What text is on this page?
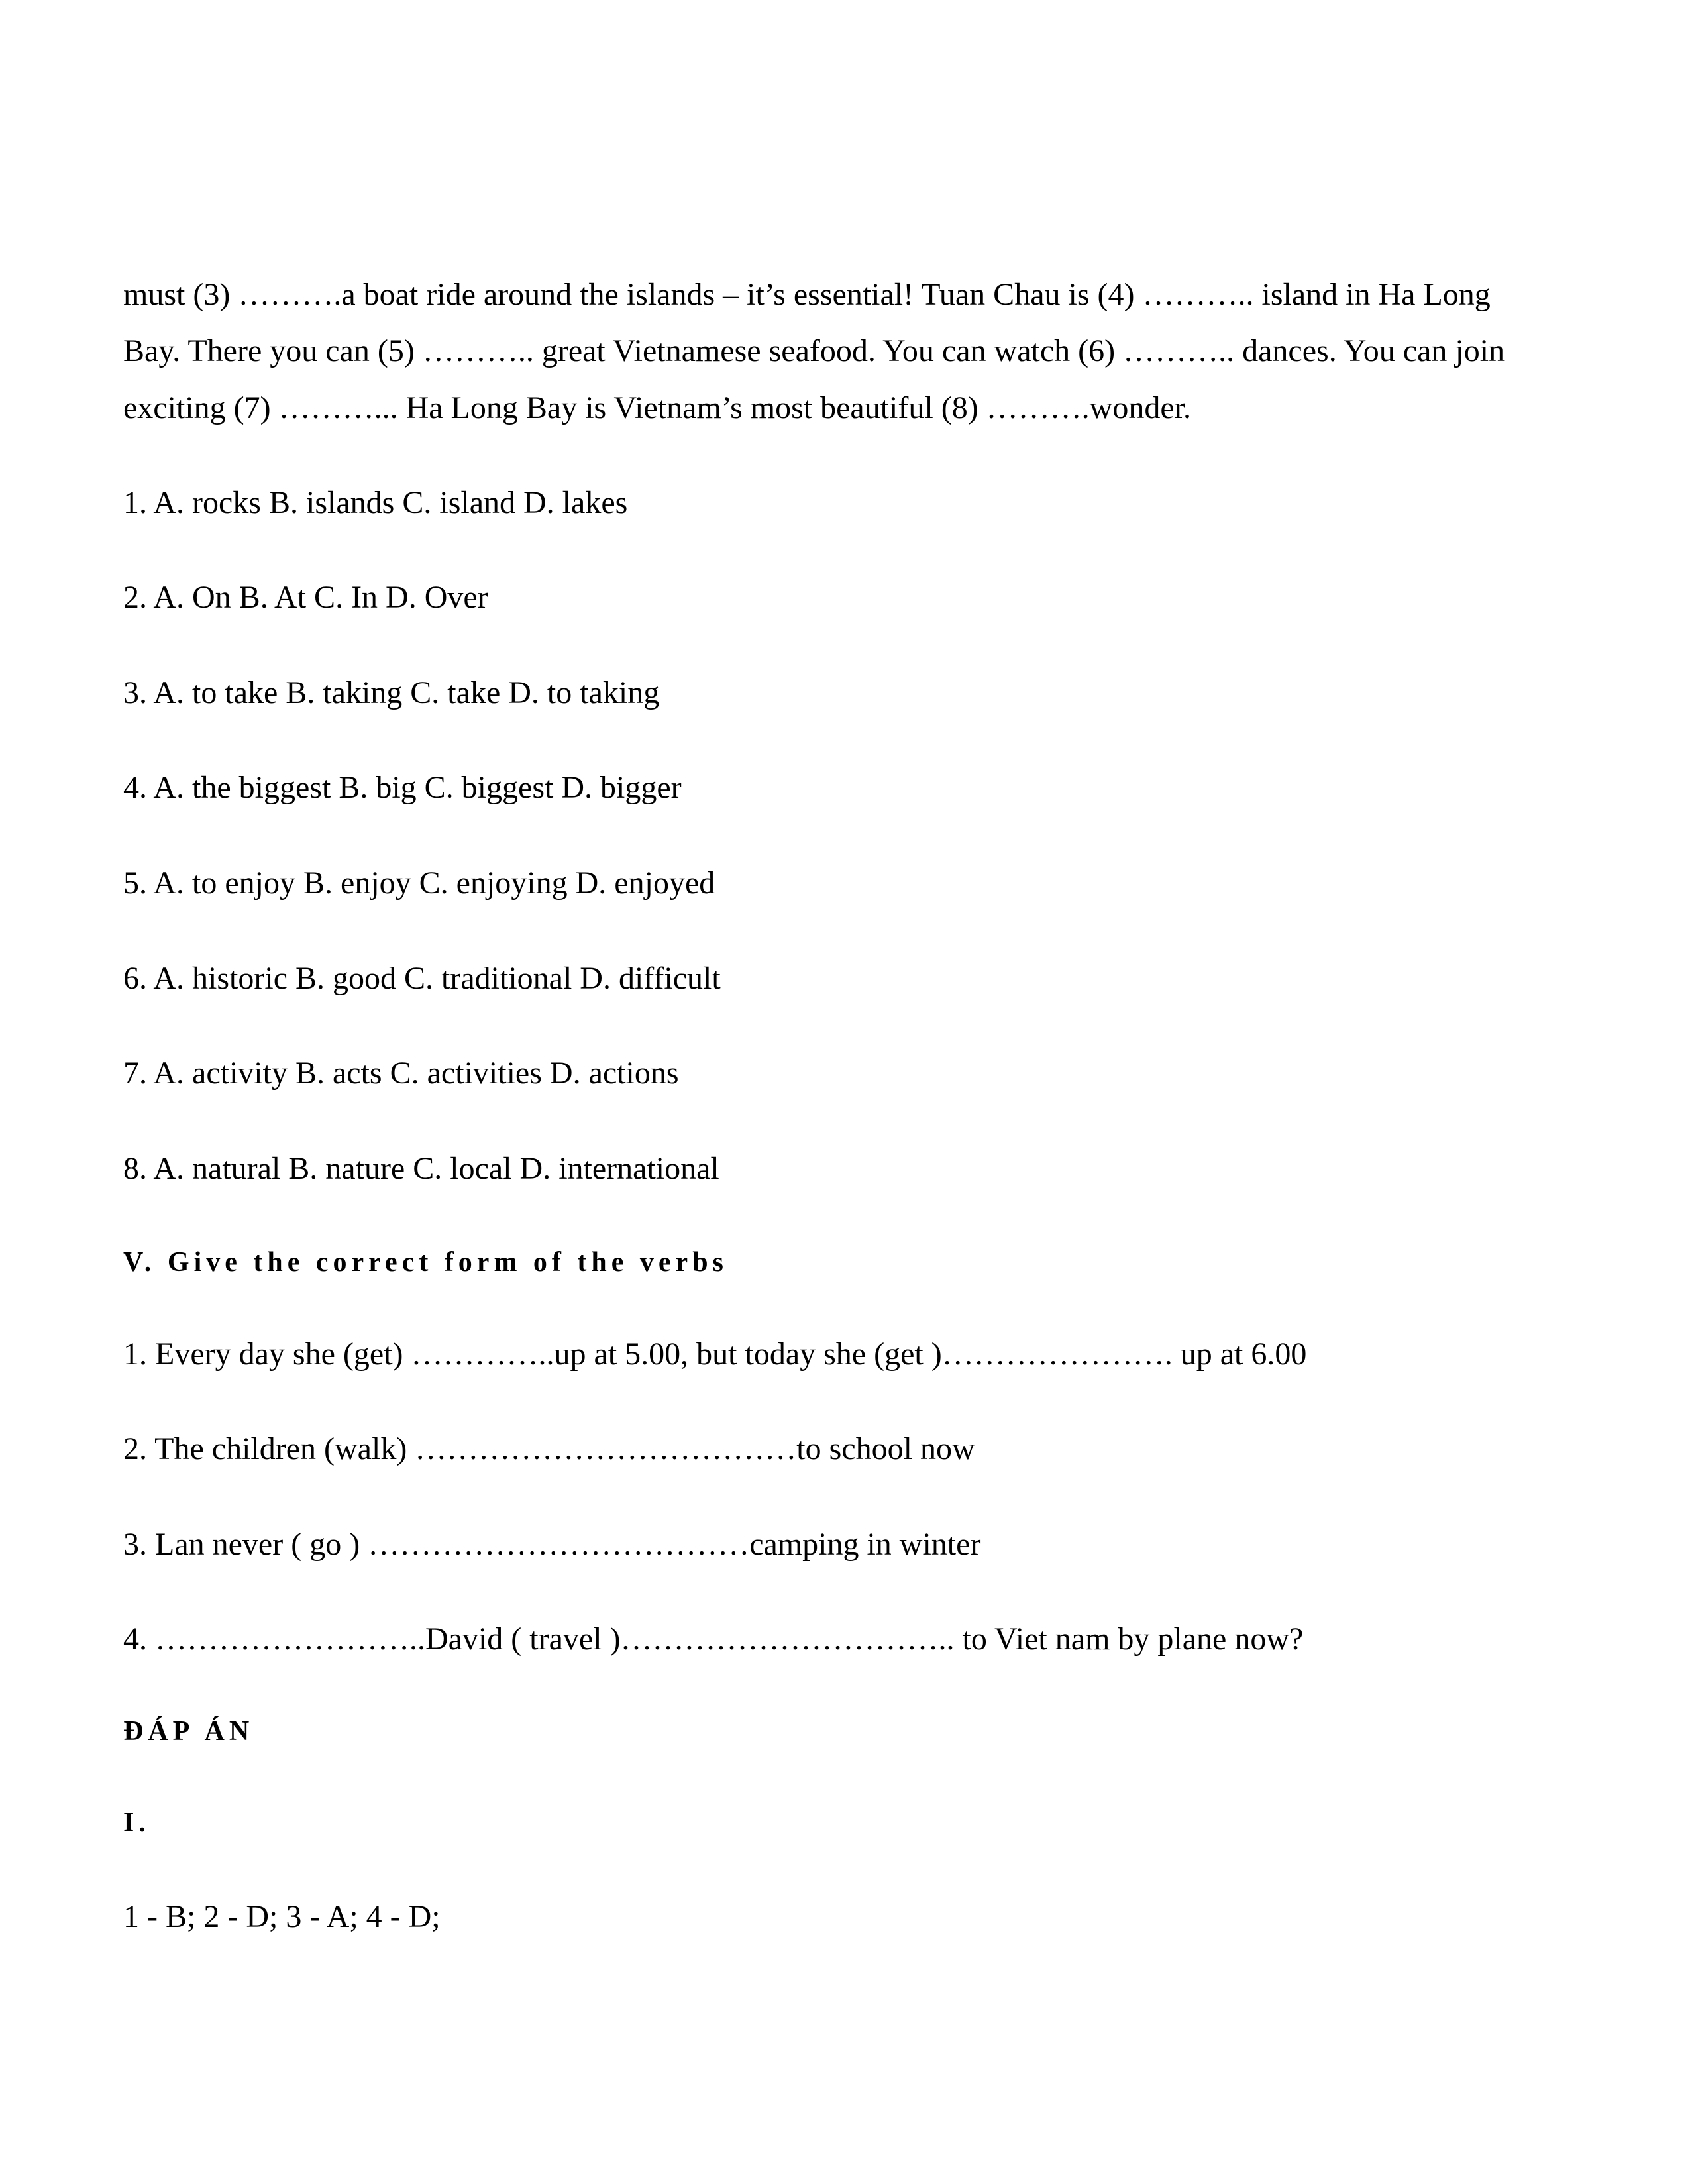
must (3) ……….a boat ride around the islands – it’s essential! Tuan Chau is (4) ……….. island in Ha Long
Bay. There you can (5) ……….. great Vietnamese seafood. You can watch (6) ……….. dances. You can join
exciting (7) ………... Ha Long Bay is Vietnam’s most beautiful (8) ……….wonder.
1. A. rocks B. islands C. island D. lakes
2. A. On B. At C. In D. Over
3. A. to take B. taking C. take D. to taking
4. A. the biggest B. big C. biggest D. bigger
5. A. to enjoy B. enjoy C. enjoying D. enjoyed
6. A. historic B. good C. traditional D. difficult
7. A. activity B. acts C. activities D. actions
8. A. natural B. nature C. local D. international
V. Give the correct form of the verbs
1. Every day she (get) …………..up at 5.00, but today she (get )…………………. up at 6.00
2. The children (walk) ………………………………to school now
3. Lan never ( go ) ………………………………camping in winter
4. ……………………..David ( travel )………………………….. to Viet nam by plane now?
ĐÁP ÁN
I.
1 - B; 2 - D; 3 - A; 4 - D;
